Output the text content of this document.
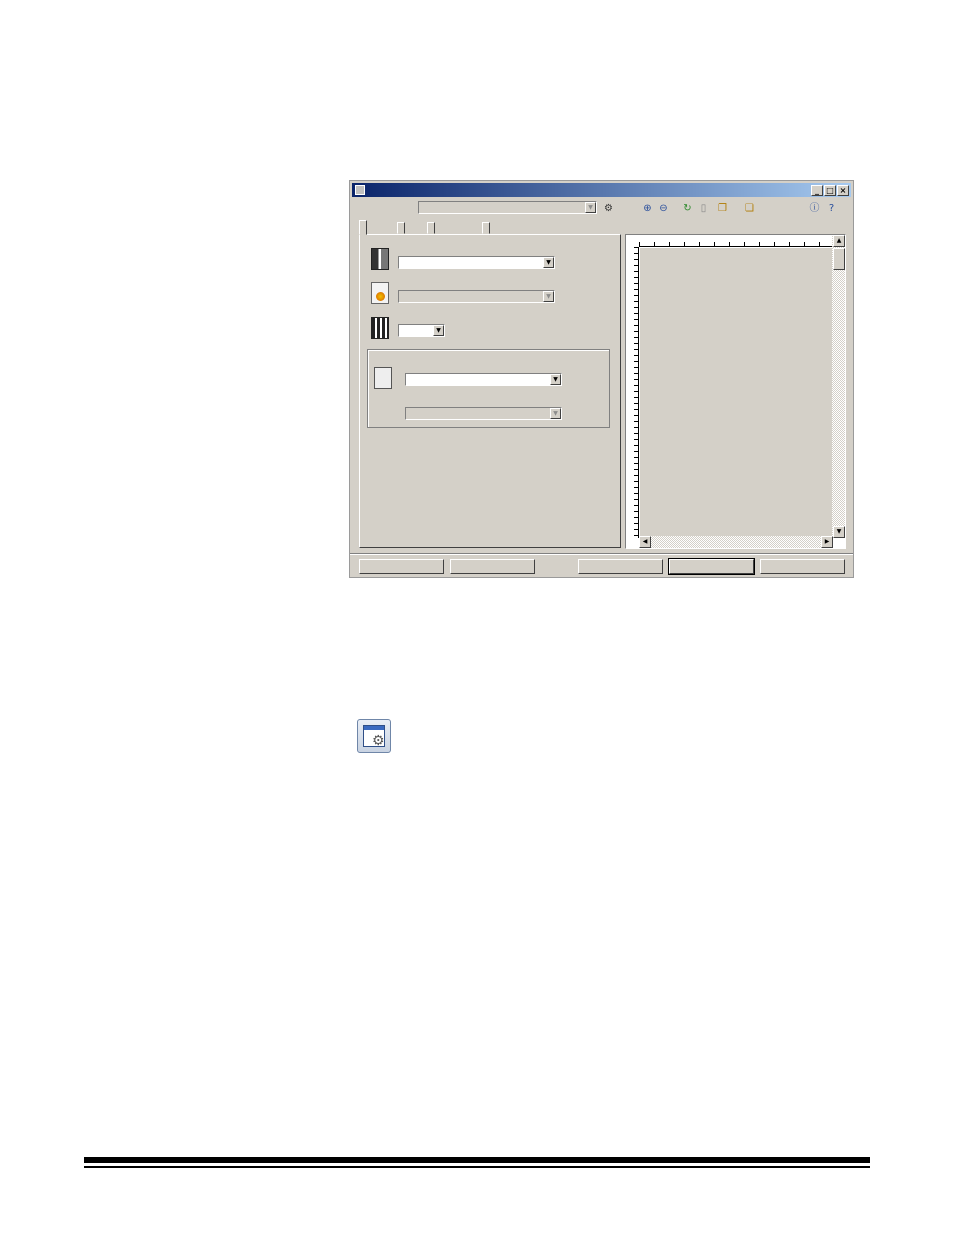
_ □ ×
▼	⚙	⊕ ⊖ ↻ ▯	❐ ❏	ⓘ ?
▼
▼
▼
▼
▼
▲
▼
◀	▶

⚙
